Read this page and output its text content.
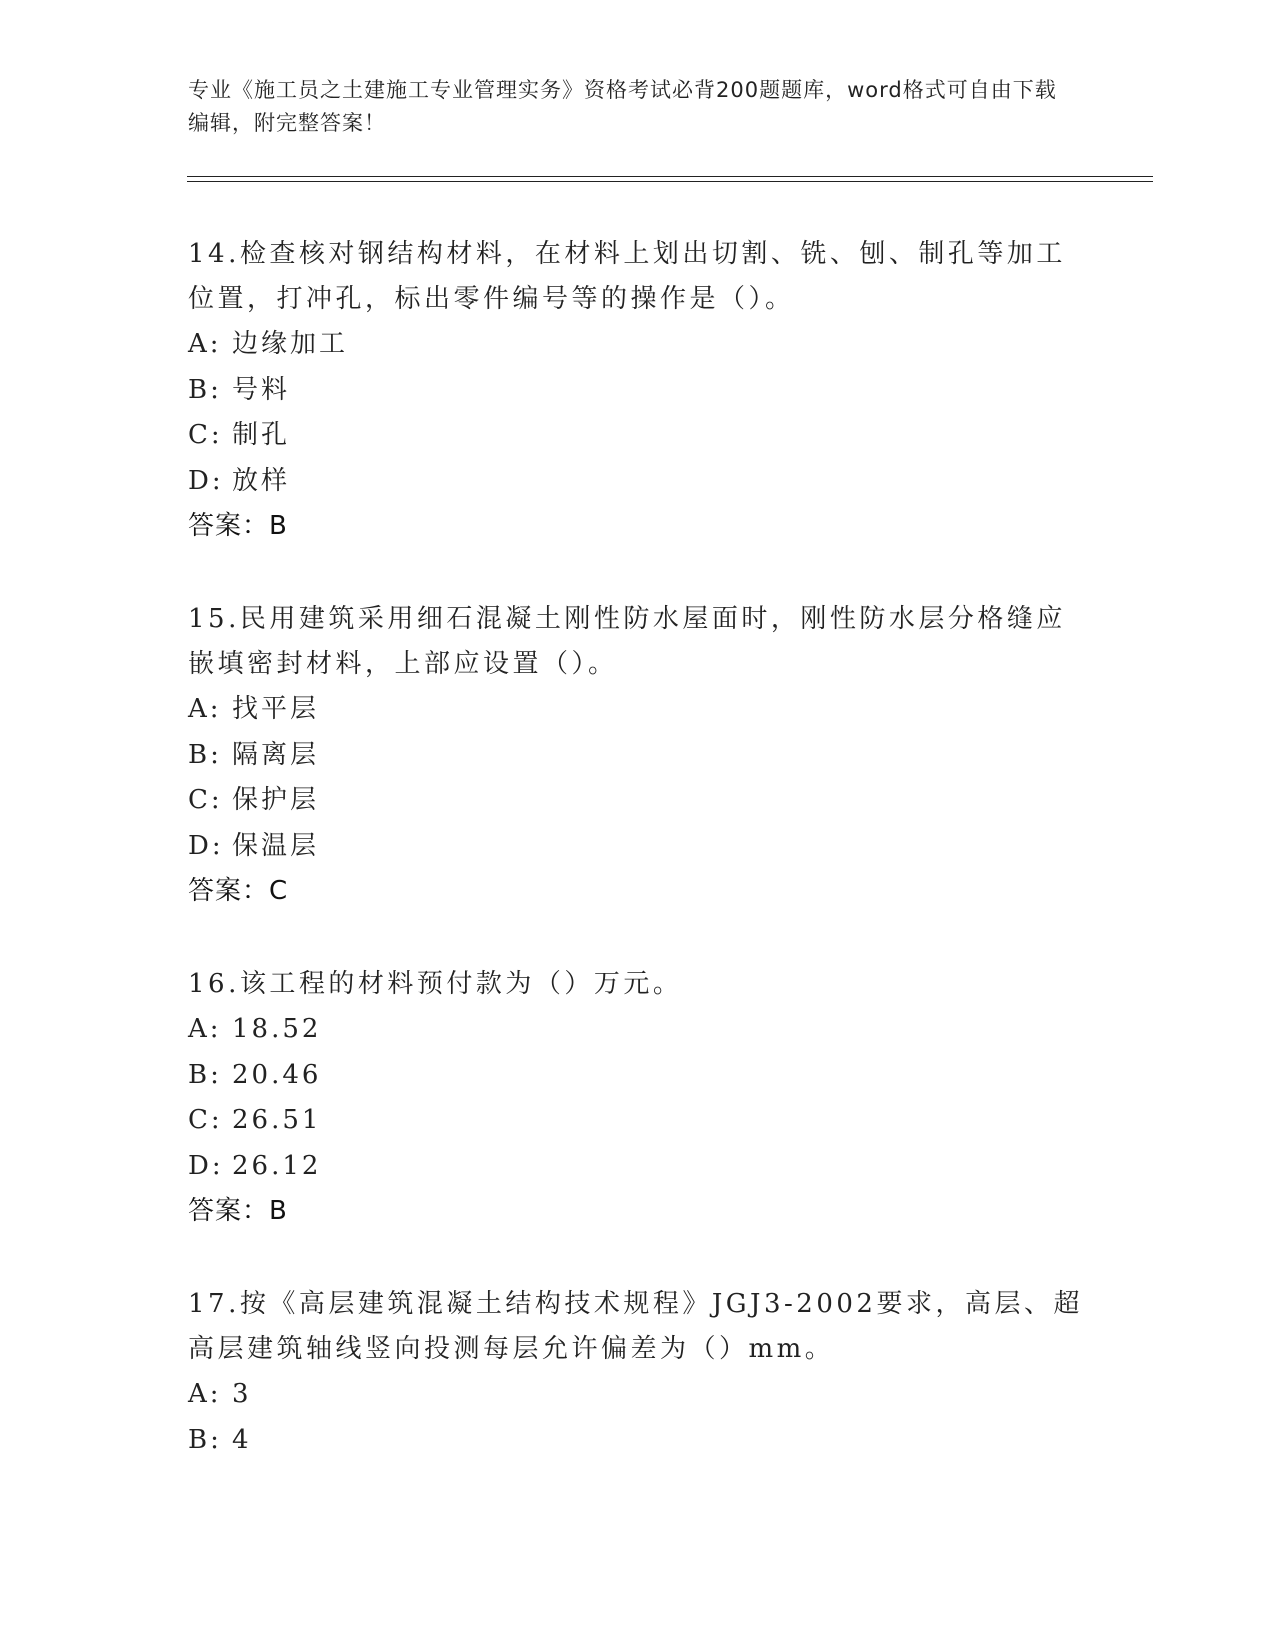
专业《施工员之土建施工专业管理实务》资格考试必背200题题库，word格式可自由下载编辑，附完整答案！

14.检查核对钢结构材料，在材料上划出切割、铣、刨、制孔等加工位置，打冲孔，标出零件编号等的操作是（）。

A: 边缘加工

B: 号料

C: 制孔

D: 放样

答案：B

15.民用建筑采用细石混凝土刚性防水屋面时，刚性防水层分格缝应嵌填密封材料，上部应设置（）。

A: 找平层

B: 隔离层

C: 保护层

D: 保温层

答案：C

16.该工程的材料预付款为（）万元。

A: 18.52

B: 20.46

C: 26.51

D: 26.12

答案：B

17.按《高层建筑混凝土结构技术规程》JGJ3-2002要求，高层、超高层建筑轴线竖向投测每层允许偏差为（）mm。

A: 3

B: 4
